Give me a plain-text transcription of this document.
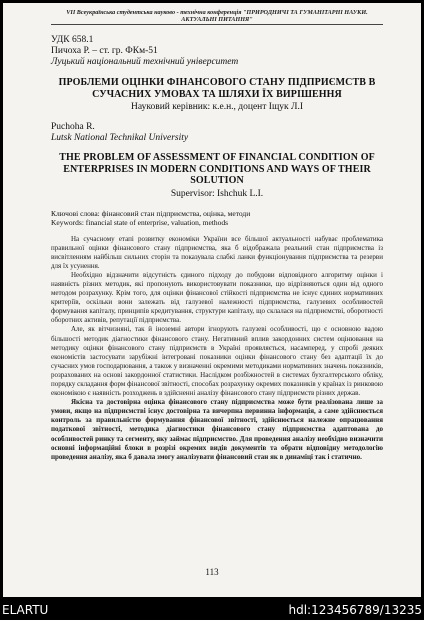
VII Всеукраїнська студентська науково - технічна конференція "ПРИРОДНИЧІ ТА ГУМАНІТАРНІ НАУКИ.
АКТУАЛЬНІ ПИТАННЯ"
УДК 658.1
Пичоха Р. – ст. гр. ФКм-51
Луцький національний технічний університет
ПРОБЛЕМИ ОЦІНКИ ФІНАНСОВОГО СТАНУ ПІДПРИЄМСТВ В
СУЧАСНИХ УМОВАХ ТА ШЛЯХИ ЇХ ВИРІШЕННЯ
Науковий керівник: к.е.н., доцент Іщук Л.І
Puchoha R.
Lutsk National Technikal University
THE PROBLEM OF ASSESSMENT OF FINANCIAL CONDITION OF
ENTERPRISES IN MODERN CONDITIONS AND WAYS OF THEIR
SOLUTION
Supervisor: Ishchuk L.I.
Ключові слова: фінансовий стан підприємства, оцінка, методи
Keywords: financial state of enterprise, valuation, methods

На сучасному етапі розвитку економіки України все більшої актуальності набуває проблематика правильної оцінки фінансового стану підприємства, яка б відображала реальний стан підприємства із висвітленням найбільш сильних сторін та показувала слабкі ланки функціонування підприємства та резерви для їх усунення.

Необхідно відзначити відсутність єдиного підходу до побудови відповідного алгоритму оцінки і наявність різних методик, які пропонують використовувати показники, що відрізняються один від одного методом розрахунку. Крім того, для оцінки фінансової стійкості підприємства не існує єдиних нормативних критеріїв, оскільки вони залежать від галузевої належності підприємства, галузевих особливостей формування капіталу, принципів кредитування, структури капіталу, що склалася на підприємстві, оборотності оборотних активів, репутації підприємства.

Але, як вітчизняні, так й іноземні автори ігнорують галузеві особливості, що є основною вадою більшості методик діагностики фінансового стану. Негативний вплив закордонних систем оцінювання на методику оцінки фінансового стану підприємств в Україні проявляється, насамперед, у спробі деяких економістів застосувати зарубіжні інтегровані показники оцінки фінансового стану без адаптації їх до сучасних умов господарювання, а також у визначенні окремими методиками нормативних значень показників, розрахованих на основі закордонної статистики. Наслідком розбіжностей в системах бухгалтерського обліку, порядку складання форм фінансової звітності, способах розрахунку окремих показників у країнах із ринковою економікою є наявність розходжень в здійсненні аналізу фінансового стану підприємств різних держав.

Якісна та достовірна оцінка фінансового стану підприємства може бути реалізована лише за умови, якщо на підприємстві існує достовірна та вичерпна первинна інформація, а саме здійснюється контроль за правильністю формування фінансової звітності, здійснюється належне опрацювання податкової звітності, методика діагностики фінансового стану підприємства адаптована до особливостей ринку та сегменту, яку займає підприємство. Для проведення аналізу необхідно визначити основні інформаційні блоки в розрізі окремих видів документів та обрати відповідну методологію проведення аналізу, яка б давала змогу аналізувати фінансовий стан як в динаміці так і статично.

113
ELARTU	hdl:123456789/13235
